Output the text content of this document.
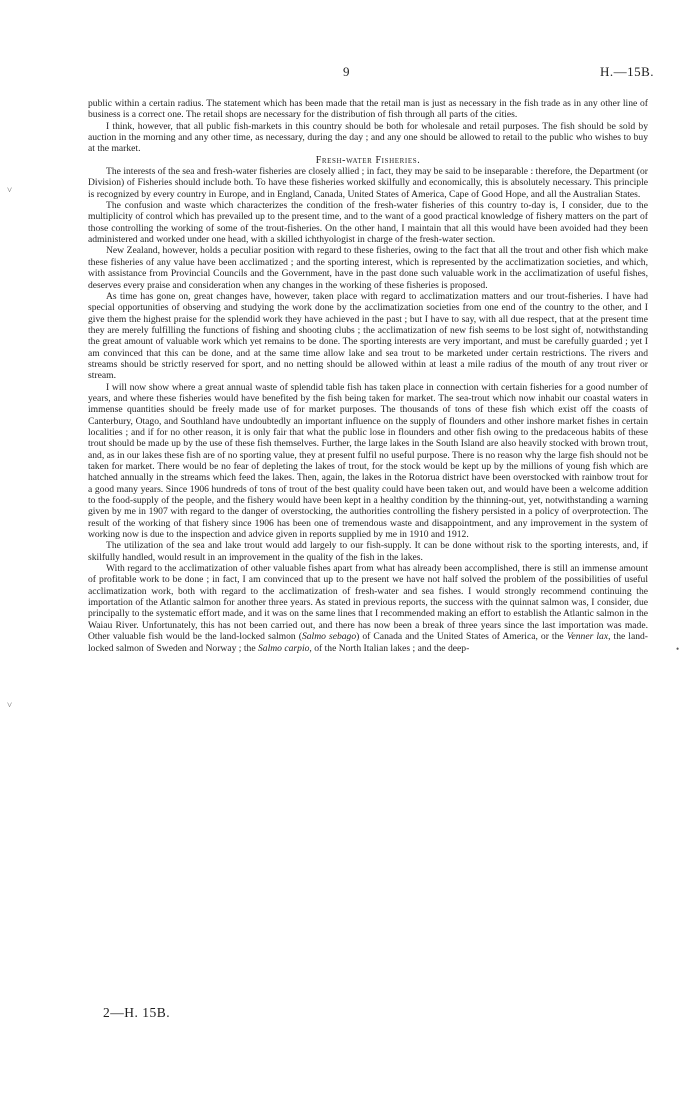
9	H.—15B.
˅
˅
•

public within a certain radius. The statement which has been made that the retail man is just as necessary in the fish trade as in any other line of business is a correct one. The retail shops are necessary for the distribution of fish through all parts of the cities.

I think, however, that all public fish-markets in this country should be both for wholesale and retail purposes. The fish should be sold by auction in the morning and any other time, as necessary, during the day ; and any one should be allowed to retail to the public who wishes to buy at the market.

Fresh-water Fisheries.

The interests of the sea and fresh-water fisheries are closely allied ; in fact, they may be said to be inseparable : therefore, the Department (or Division) of Fisheries should include both. To have these fisheries worked skilfully and economically, this is absolutely necessary. This principle is recognized by every country in Europe, and in England, Canada, United States of America, Cape of Good Hope, and all the Australian States.

The confusion and waste which characterizes the condition of the fresh-water fisheries of this country to-day is, I consider, due to the multiplicity of control which has prevailed up to the present time, and to the want of a good practical knowledge of fishery matters on the part of those controlling the working of some of the trout-fisheries. On the other hand, I maintain that all this would have been avoided had they been administered and worked under one head, with a skilled ichthyologist in charge of the fresh-water section.

New Zealand, however, holds a peculiar position with regard to these fisheries, owing to the fact that all the trout and other fish which make these fisheries of any value have been acclimatized ; and the sporting interest, which is represented by the acclimatization societies, and which, with assistance from Provincial Councils and the Government, have in the past done such valuable work in the acclimatization of useful fishes, deserves every praise and consideration when any changes in the working of these fisheries is proposed.

As time has gone on, great changes have, however, taken place with regard to acclimatization matters and our trout-fisheries. I have had special opportunities of observing and studying the work done by the acclimatization societies from one end of the country to the other, and I give them the highest praise for the splendid work they have achieved in the past ; but I have to say, with all due respect, that at the present time they are merely fulfilling the functions of fishing and shooting clubs ; the acclimatization of new fish seems to be lost sight of, notwithstanding the great amount of valuable work which yet remains to be done. The sporting interests are very important, and must be carefully guarded ; yet I am convinced that this can be done, and at the same time allow lake and sea trout to be marketed under certain restrictions. The rivers and streams should be strictly reserved for sport, and no netting should be allowed within at least a mile radius of the mouth of any trout river or stream.

I will now show where a great annual waste of splendid table fish has taken place in connection with certain fisheries for a good number of years, and where these fisheries would have benefited by the fish being taken for market. The sea-trout which now inhabit our coastal waters in immense quantities should be freely made use of for market purposes. The thousands of tons of these fish which exist off the coasts of Canterbury, Otago, and Southland have undoubtedly an important influence on the supply of flounders and other inshore market fishes in certain localities ; and if for no other reason, it is only fair that what the public lose in flounders and other fish owing to the predaceous habits of these trout should be made up by the use of these fish themselves. Further, the large lakes in the South Island are also heavily stocked with brown trout, and, as in our lakes these fish are of no sporting value, they at present fulfil no useful purpose. There is no reason why the large fish should not be taken for market. There would be no fear of depleting the lakes of trout, for the stock would be kept up by the millions of young fish which are hatched annually in the streams which feed the lakes. Then, again, the lakes in the Rotorua district have been overstocked with rainbow trout for a good many years. Since 1906 hundreds of tons of trout of the best quality could have been taken out, and would have been a welcome addition to the food-supply of the people, and the fishery would have been kept in a healthy condition by the thinning-out, yet, notwithstanding a warning given by me in 1907 with regard to the danger of overstocking, the authorities controlling the fishery persisted in a policy of overprotection. The result of the working of that fishery since 1906 has been one of tremendous waste and disappointment, and any improvement in the system of working now is due to the inspection and advice given in reports supplied by me in 1910 and 1912.

The utilization of the sea and lake trout would add largely to our fish-supply. It can be done without risk to the sporting interests, and, if skilfully handled, would result in an improvement in the quality of the fish in the lakes.

With regard to the acclimatization of other valuable fishes apart from what has already been accomplished, there is still an immense amount of profitable work to be done ; in fact, I am convinced that up to the present we have not half solved the problem of the possibilities of useful acclimatization work, both with regard to the acclimatization of fresh-water and sea fishes. I would strongly recommend continuing the importation of the Atlantic salmon for another three years. As stated in previous reports, the success with the quinnat salmon was, I consider, due principally to the systematic effort made, and it was on the same lines that I recommended making an effort to establish the Atlantic salmon in the Waiau River. Unfortunately, this has not been carried out, and there has now been a break of three years since the last importation was made. Other valuable fish would be the land-locked salmon (Salmo sebago) of Canada and the United States of America, or the Venner lax, the land-locked salmon of Sweden and Norway ; the Salmo carpio, of the North Italian lakes ; and the deep-

2—H. 15B.
